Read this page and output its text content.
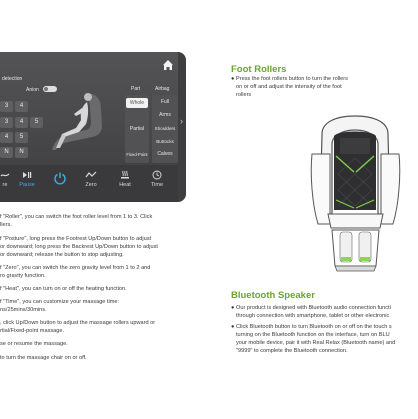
detection
Anion
3	4
3	4	5
4	5
N	N
Part	Airbag
Whole
Partial
Fixed-Point
Full
Arms
Shoulders
Buttocks
Calves
›
re	Pause	Zero	Heat	Time
f "Roller", you can switch the foot roller level from 1 to 3. Click
llers.
f "Posture", long press the Footrest Up/Down button to adjust
or downward; long press the Backrest Up/Down button to adjust
or downward; release the button to stop adjusting.
f "Zero", you can switch the zero gravity level from 1 to 2 and
ro gravity function.
f "Heat", you can turn on or off the heating function.
f "Time", you can customize your massage time:
ns/25mins/30mins.
, click Up/Down button to adjust the massage rollers upward or
rtial/Fixed-point massage.
se or resume the massage.
to turn the massage chair on or off.
Foot Rollers
● Press the foot rollers button to turn the rollers
on or off and adjust the intensity of the foot
rollers
Bluetooth Speaker
● Our product is designed with Bluetooth audio connection functi
through connection with smartphone, tablet or other electronic
● Click Bluetooth button to turn Bluetooth on or off on the touch s
turning on the Bluetooth function on the interface, turn on BLU
your mobile device, pair it with Real Relax (Bluetooth name) and
"9999" to complete the Bluetooth connection.
